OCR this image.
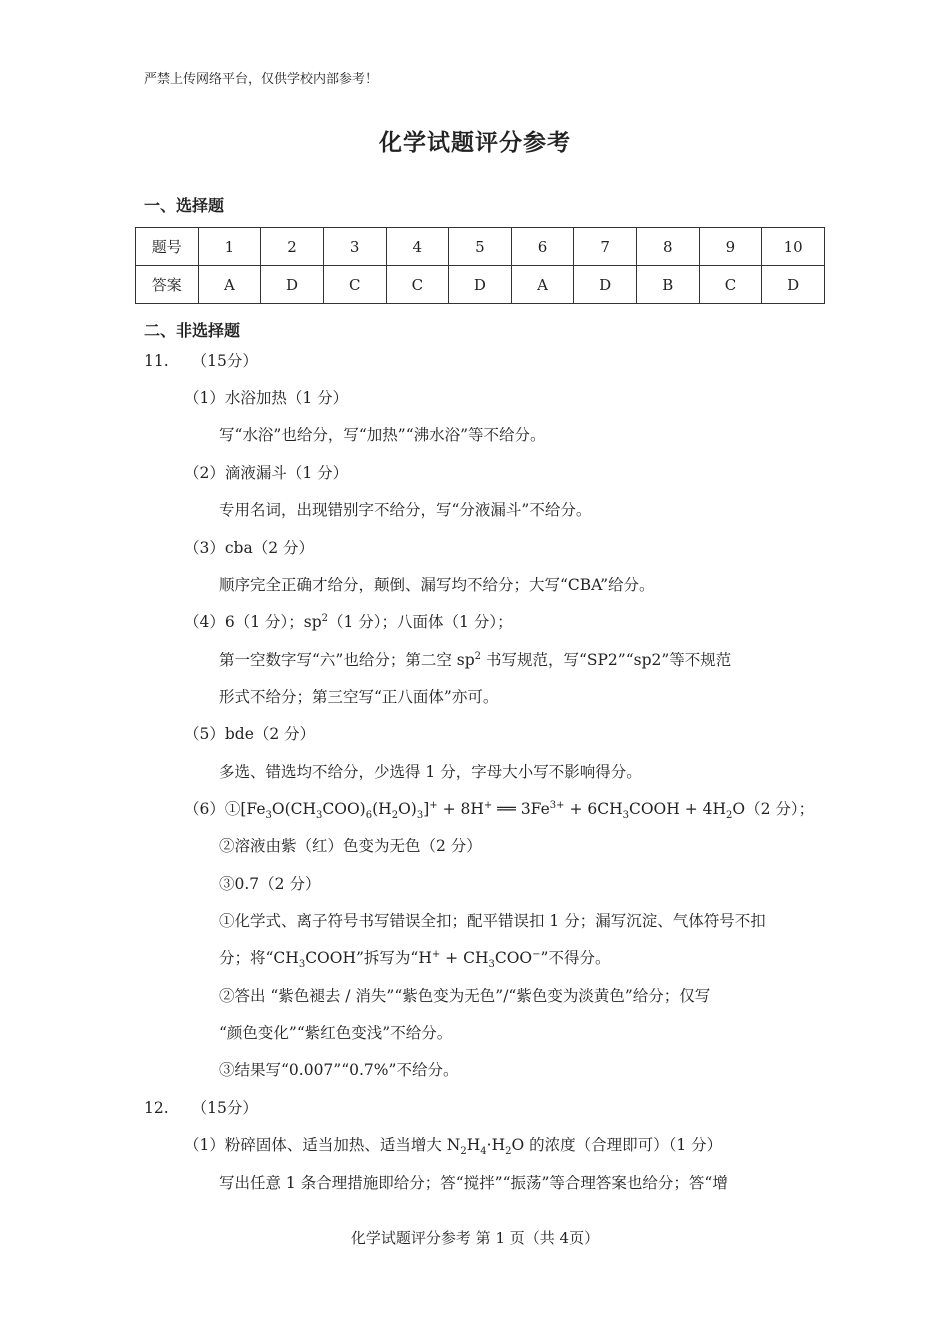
严禁上传网络平台，仅供学校内部参考！
化学试题评分参考
一、选择题
题号	1	2	3	4	5	6	7	8	9	10
答案	A	D	C	C	D	A	D	B	C	D
二、非选择题
11. （15分）
（1）水浴加热（1 分）
写“水浴”也给分，写“加热”“沸水浴”等不给分。
（2）滴液漏斗（1 分）
专用名词，出现错别字不给分，写“分液漏斗”不给分。
（3）cba（2 分）
顺序完全正确才给分，颠倒、漏写均不给分；大写“CBA”给分。
（4）6（1 分）；$sp^2(1$ 分）；八面体（1 分）；
第一空数字写“六”也给分；第二空 $sp^2$ 书写规范，写“SP2”“sp2”等不规范
形式不给分；第三空写“正八面体”亦可。
（5）bde（2 分）
多选、错选均不给分，少选得 1 分，字母大小写不影响得分。
$(6)①[Fe_3O(CH_3COO)_6(H_2O)_3]^+ + 8H^+$ ══ $3Fe^{3+}$ + $6CH_3COOH + 4H_2O(2$ 分）；
②溶液由紫（红）色变为无色（2 分）
③0.7（2 分）
①化学式、离子符号书写错误全扣；配平错误扣 1 分；漏写沉淀、气体符号不扣
分；将“$CH_3COOH$”拆写为“$H^+ + CH_3COO^-$”不得分。
②答出 “紫色褪去 / 消失”“紫色变为无色”/“紫色变为淡黄色”给分；仅写
“颜色变化”“紫红色变浅”不给分。
③结果写“0.007”“0.7%”不给分。
12. （15分）
（1）粉碎固体、适当加热、适当增大 $N_2H_4\cdot H_2O$ 的浓度（合理即可）（1 分）
写出任意 1 条合理措施即给分；答“搅拌”“振荡”等合理答案也给分；答“增
化学试题评分参考 第 1 页（共 4页）
